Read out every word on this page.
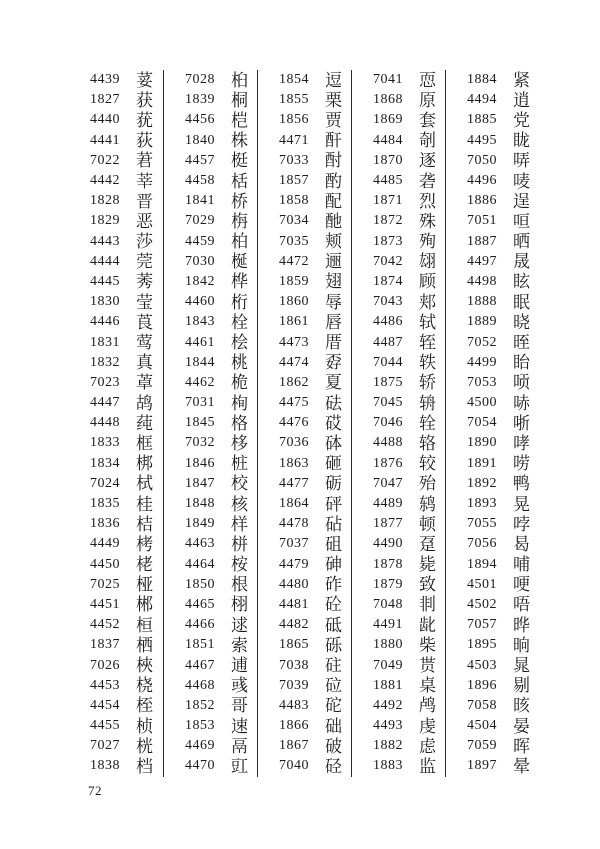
4439 荽
1827 获
4440 莸
4441 荻
7022 莙
4442 莘
1828 晋
1829 恶
4443 莎
4444 莞
4445 莠
1830 莹
4446 莨
1831 莺
1832 真
7023 䓬
4447 鸪
4448 莼
1833 框
1834 梆
7024 栻
1835 桂
1836 桔
4449 栲
4450 栳
7025 桠
4451 郴
4452 桓
1837 栖
7026 梜
4453 桡
4454 桎
4455 桢
7027 桄
1838 档
7028 桕
1839 桐
4456 桤
1840 株
4457 梃
4458 栝
1841 桥
7029 栴
4459 柏
7030 梴
1842 桦
4460 桁
1843 栓
4461 桧
1844 桃
4462 桅
7031 栒
1845 格
7032 栘
1846 桩
1847 校
1848 核
1849 样
4463 栟
4464 桉
1850 根
4465 栩
4466 逑
1851 索
4467 逋
4468 彧
1852 哥
1853 速
4469 鬲
4470 豇
1854 逗
1855 栗
1856 贾
4471 酐
7033 酎
1857 酌
1858 配
7034 酏
7035 颊
4472 逦
1859 翅
1860 辱
1861 唇
4473 厝
4474 孬
1862 夏
4475 砝
4476 砹
7036 砵
1863 砸
4477 砺
1864 砰
4478 砧
7037 砠
4479 砷
4480 砟
4481 砼
4482 砥
1865 砾
7038 砫
7039 砬
4483 砣
1866 础
1867 破
7040 硁
7041 恧
1868 原
1869 套
4484 剞
1870 逐
4485 砻
1871 烈
1872 殊
1873 殉
7042 翃
1874 顾
7043 郏
4486 轼
4487 轾
7044 轶
1875 轿
7045 辀
7046 辁
4488 辂
1876 较
7047 殆
4489 鸫
1877 顿
4490 趸
1878 毙
1879 致
7048 剕
4491 龀
1880 柴
7049 贳
1881 桌
4492 鸬
4493 虔
1882 虑
1883 监
1884 紧
4494 逍
1885 党
4495 眬
7050 哢
4496 唛
1886 逞
7051 咺
1887 晒
4497 晟
4498 眩
1888 眠
1889 晓
7052 晊
4499 眙
7053 唝
4500 哧
7054 哳
1890 哮
1891 唠
1892 鸭
1893 晃
7055 哱
7056 曷
1894 哺
4501 哽
4502 唔
7057 晔
1895 晌
4503 晁
1896 剔
7058 晐
4504 晏
7059 晖
1897 晕
72
